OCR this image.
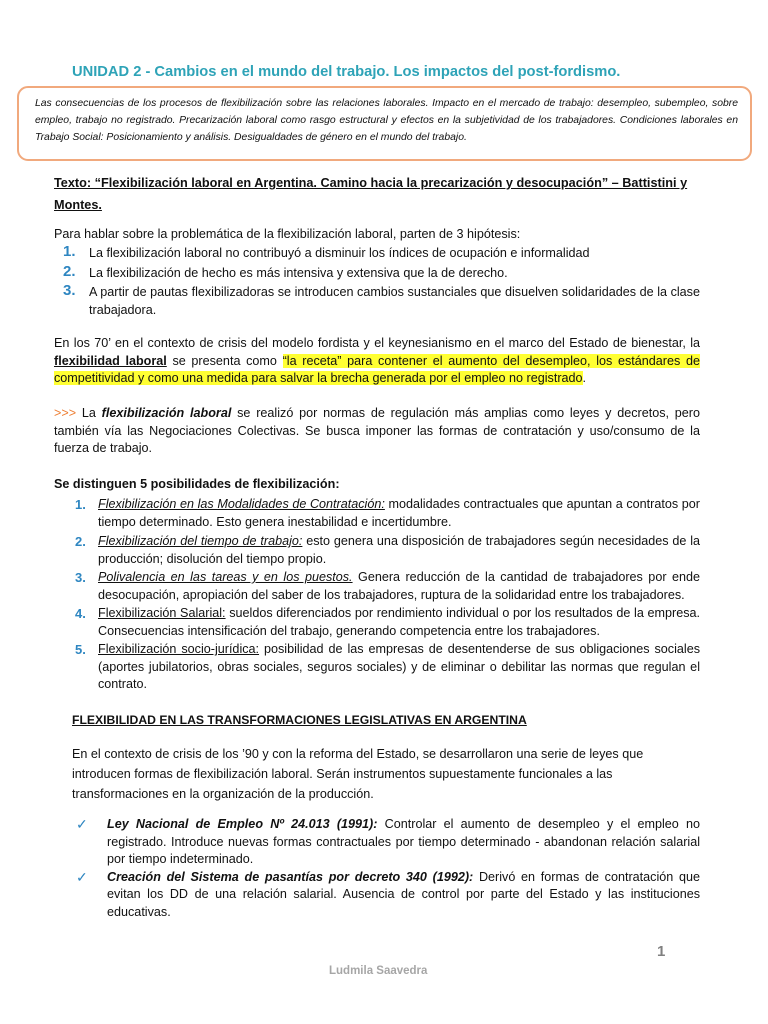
UNIDAD 2 - Cambios en el mundo del trabajo. Los impactos del post-fordismo.
Las consecuencias de los procesos de flexibilización sobre las relaciones laborales. Impacto en el mercado de trabajo: desempleo, subempleo, sobre empleo, trabajo no registrado. Precarización laboral como rasgo estructural y efectos en la subjetividad de los trabajadores. Condiciones laborales en Trabajo Social: Posicionamiento y análisis. Desigualdades de género en el mundo del trabajo.
Texto: “Flexibilización laboral en Argentina. Camino hacia la precarización y desocupación” – Battistini y Montes.
Para hablar sobre la problemática de la flexibilización laboral, parten de 3 hipótesis:
1. La flexibilización laboral no contribuyó a disminuir los índices de ocupación e informalidad
2. La flexibilización de hecho es más intensiva y extensiva que la de derecho.
3. A partir de pautas flexibilizadoras se introducen cambios sustanciales que disuelven solidaridades de la clase trabajadora.
En los 70’ en el contexto de crisis del modelo fordista y el keynesianismo en el marco del Estado de bienestar, la flexibilidad laboral se presenta como “la receta” para contener el aumento del desempleo, los estándares de competitividad y como una medida para salvar la brecha generada por el empleo no registrado.
>>> La flexibilización laboral se realizó por normas de regulación más amplias como leyes y decretos, pero también vía las Negociaciones Colectivas. Se busca imponer las formas de contratación y uso/consumo de la fuerza de trabajo.
Se distinguen 5 posibilidades de flexibilización:
1. Flexibilización en las Modalidades de Contratación: modalidades contractuales que apuntan a contratos por tiempo determinado. Esto genera inestabilidad e incertidumbre.
2. Flexibilización del tiempo de trabajo: esto genera una disposición de trabajadores según necesidades de la producción; disolución del tiempo propio.
3. Polivalencia en las tareas y en los puestos. Genera reducción de la cantidad de trabajadores por ende desocupación, apropiación del saber de los trabajadores, ruptura de la solidaridad entre los trabajadores.
4. Flexibilización Salarial: sueldos diferenciados por rendimiento individual o por los resultados de la empresa. Consecuencias intensificación del trabajo, generando competencia entre los trabajadores.
5. Flexibilización socio-jurídica: posibilidad de las empresas de desentenderse de sus obligaciones sociales (aportes jubilatorios, obras sociales, seguros sociales) y de eliminar o debilitar las normas que regulan el contrato.
FLEXIBILIDAD EN LAS TRANSFORMACIONES LEGISLATIVAS EN ARGENTINA
En el contexto de crisis de los ’90 y con la reforma del Estado, se desarrollaron una serie de leyes que introducen formas de flexibilización laboral. Serán instrumentos supuestamente funcionales a las transformaciones en la organización de la producción.
✓ Ley Nacional de Empleo Nº 24.013 (1991): Controlar el aumento de desempleo y el empleo no registrado. Introduce nuevas formas contractuales por tiempo determinado - abandonan relación salarial por tiempo indeterminado.
✓ Creación del Sistema de pasantías por decreto 340 (1992): Derivó en formas de contratación que evitan los DD de una relación salarial. Ausencia de control por parte del Estado y las instituciones educativas.
1
Ludmila Saavedra
